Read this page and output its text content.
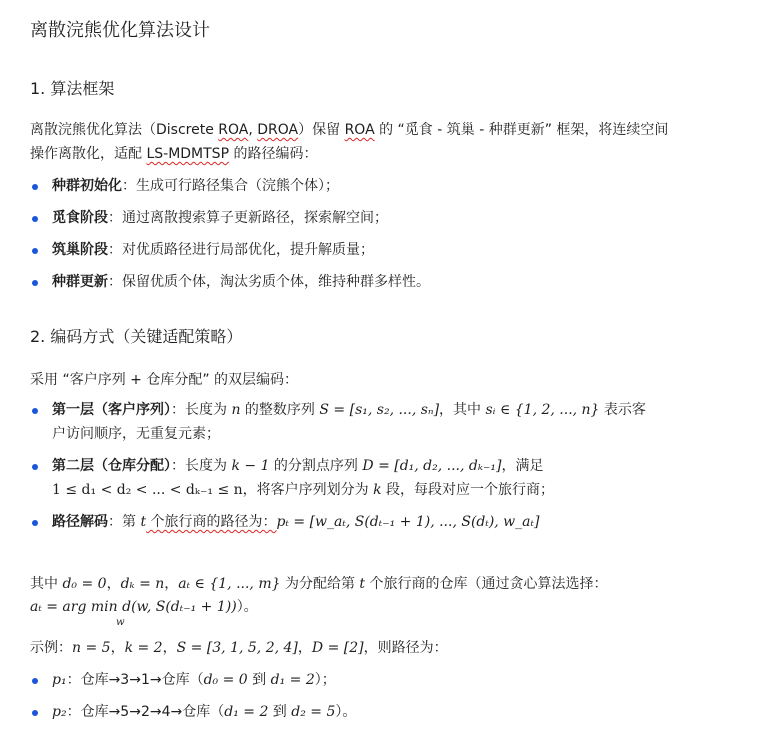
离散浣熊优化算法设计
1. 算法框架
离散浣熊优化算法（Discrete ROA, DROA）保留 ROA 的 “觅食 - 筑巢 - 种群更新” 框架，将连续空间
操作离散化，适配 LS-MDMTSP 的路径编码：
种群初始化：生成可行路径集合（浣熊个体）；
觅食阶段：通过离散搜索算子更新路径，探索解空间；
筑巢阶段：对优质路径进行局部优化，提升解质量；
种群更新：保留优质个体，淘汰劣质个体，维持种群多样性。
2. 编码方式（关键适配策略）
采用 “客户序列 + 仓库分配” 的双层编码：
第一层（客户序列）：长度为 n 的整数序列 S = [s₁, s₂, ..., sₙ]，其中 sᵢ ∈ {1, 2, ..., n} 表示客
户访问顺序，无重复元素；
第二层（仓库分配）：长度为 k − 1 的分割点序列 D = [d₁, d₂, ..., dₖ₋₁]，满足
1 ≤ d₁ < d₂ < ... < dₖ₋₁ ≤ n，将客户序列划分为 k 段，每段对应一个旅行商；
路径解码：第 t 个旅行商的路径为：pₜ = [w_aₜ, S(dₜ₋₁ + 1), ..., S(dₜ), w_aₜ]
其中 d₀ = 0，dₖ = n，aₜ ∈ {1, ..., m} 为分配给第 t 个旅行商的仓库（通过贪心算法选择：
aₜ = arg min d(w, S(dₜ₋₁ + 1))）。
w
示例：n = 5，k = 2，S = [3, 1, 5, 2, 4]，D = [2]，则路径为：
p₁：仓库→3→1→仓库（d₀ = 0 到 d₁ = 2）；
p₂：仓库→5→2→4→仓库（d₁ = 2 到 d₂ = 5）。
